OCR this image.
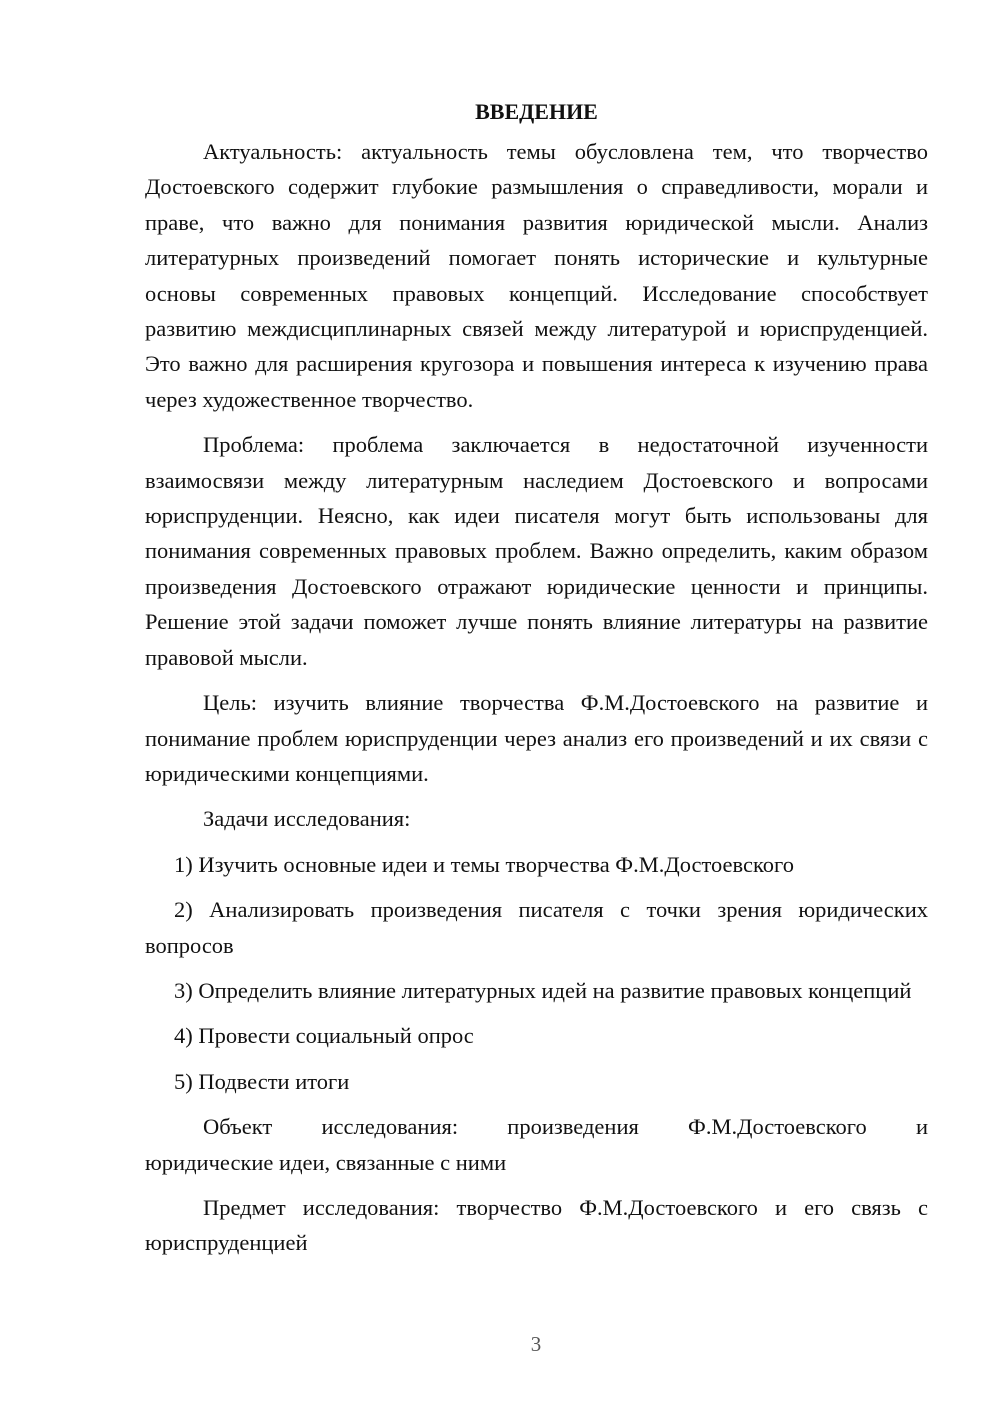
ВВЕДЕНИЕ

Актуальность: актуальность темы обусловлена тем, что творчество Достоевского содержит глубокие размышления о справедливости, морали и праве, что важно для понимания развития юридической мысли. Анализ литературных произведений помогает понять исторические и культурные основы современных правовых концепций. Исследование способствует развитию междисциплинарных связей между литературой и юриспруденцией. Это важно для расширения кругозора и повышения интереса к изучению права через художественное творчество.

Проблема: проблема заключается в недостаточной изученности взаимосвязи между литературным наследием Достоевского и вопросами юриспруденции. Неясно, как идеи писателя могут быть использованы для понимания современных правовых проблем. Важно определить, каким образом произведения Достоевского отражают юридические ценности и принципы. Решение этой задачи поможет лучше понять влияние литературы на развитие правовой мысли.

Цель: изучить влияние творчества Ф.М.Достоевского на развитие и понимание проблем юриспруденции через анализ его произведений и их связи с юридическими концепциями.

Задачи исследования:

1) Изучить основные идеи и темы творчества Ф.М.Достоевского

2) Анализировать произведения писателя с точки зрения юридических вопросов

3) Определить влияние литературных идей на развитие правовых концепций

4) Провести социальный опрос

5) Подвести итоги

Объект исследования: произведения Ф.М.Достоевского и
юридические идеи, связанные с ними

Предмет исследования: творчество Ф.М.Достоевского и его связь с юриспруденцией

3
